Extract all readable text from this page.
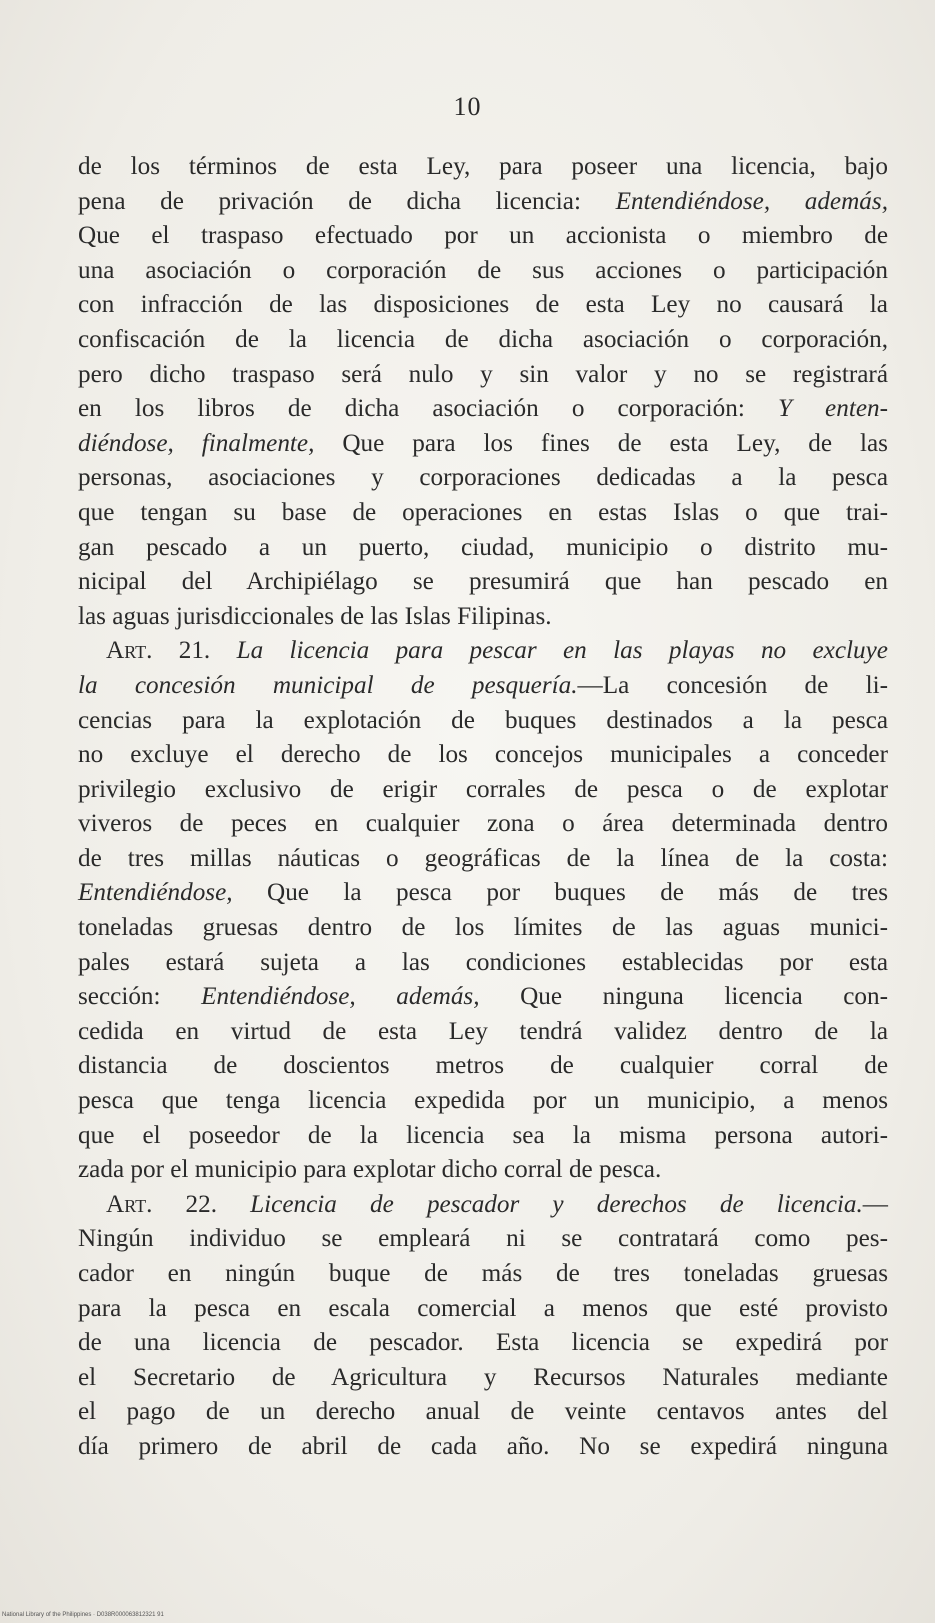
10
de los términos de esta Ley, para poseer una licencia, bajo
pena de privación de dicha licencia: Entendiéndose, además,
Que el traspaso efectuado por un accionista o miembro de
una asociación o corporación de sus acciones o participación
con infracción de las disposiciones de esta Ley no causará la
confiscación de la licencia de dicha asociación o corporación,
pero dicho traspaso será nulo y sin valor y no se registrará
en los libros de dicha asociación o corporación: Y enten-
diéndose, finalmente, Que para los fines de esta Ley, de las
personas, asociaciones y corporaciones dedicadas a la pesca
que tengan su base de operaciones en estas Islas o que trai-
gan pescado a un puerto, ciudad, municipio o distrito mu-
nicipal del Archipiélago se presumirá que han pescado en
las aguas jurisdiccionales de las Islas Filipinas.
Art. 21. La licencia para pescar en las playas no excluye
la concesión municipal de pesquería.—La concesión de li-
cencias para la explotación de buques destinados a la pesca
no excluye el derecho de los concejos municipales a conceder
privilegio exclusivo de erigir corrales de pesca o de explotar
viveros de peces en cualquier zona o área determinada dentro
de tres millas náuticas o geográficas de la línea de la costa:
Entendiéndose, Que la pesca por buques de más de tres
toneladas gruesas dentro de los límites de las aguas munici-
pales estará sujeta a las condiciones establecidas por esta
sección: Entendiéndose, además, Que ninguna licencia con-
cedida en virtud de esta Ley tendrá validez dentro de la
distancia de doscientos metros de cualquier corral de
pesca que tenga licencia expedida por un municipio, a menos
que el poseedor de la licencia sea la misma persona autori-
zada por el municipio para explotar dicho corral de pesca.
Art. 22. Licencia de pescador y derechos de licencia.—
Ningún individuo se empleará ni se contratará como pes-
cador en ningún buque de más de tres toneladas gruesas
para la pesca en escala comercial a menos que esté provisto
de una licencia de pescador. Esta licencia se expedirá por
el Secretario de Agricultura y Recursos Naturales mediante
el pago de un derecho anual de veinte centavos antes del
día primero de abril de cada año. No se expedirá ninguna
National Library of the Philippines · D038R000063812321 91
